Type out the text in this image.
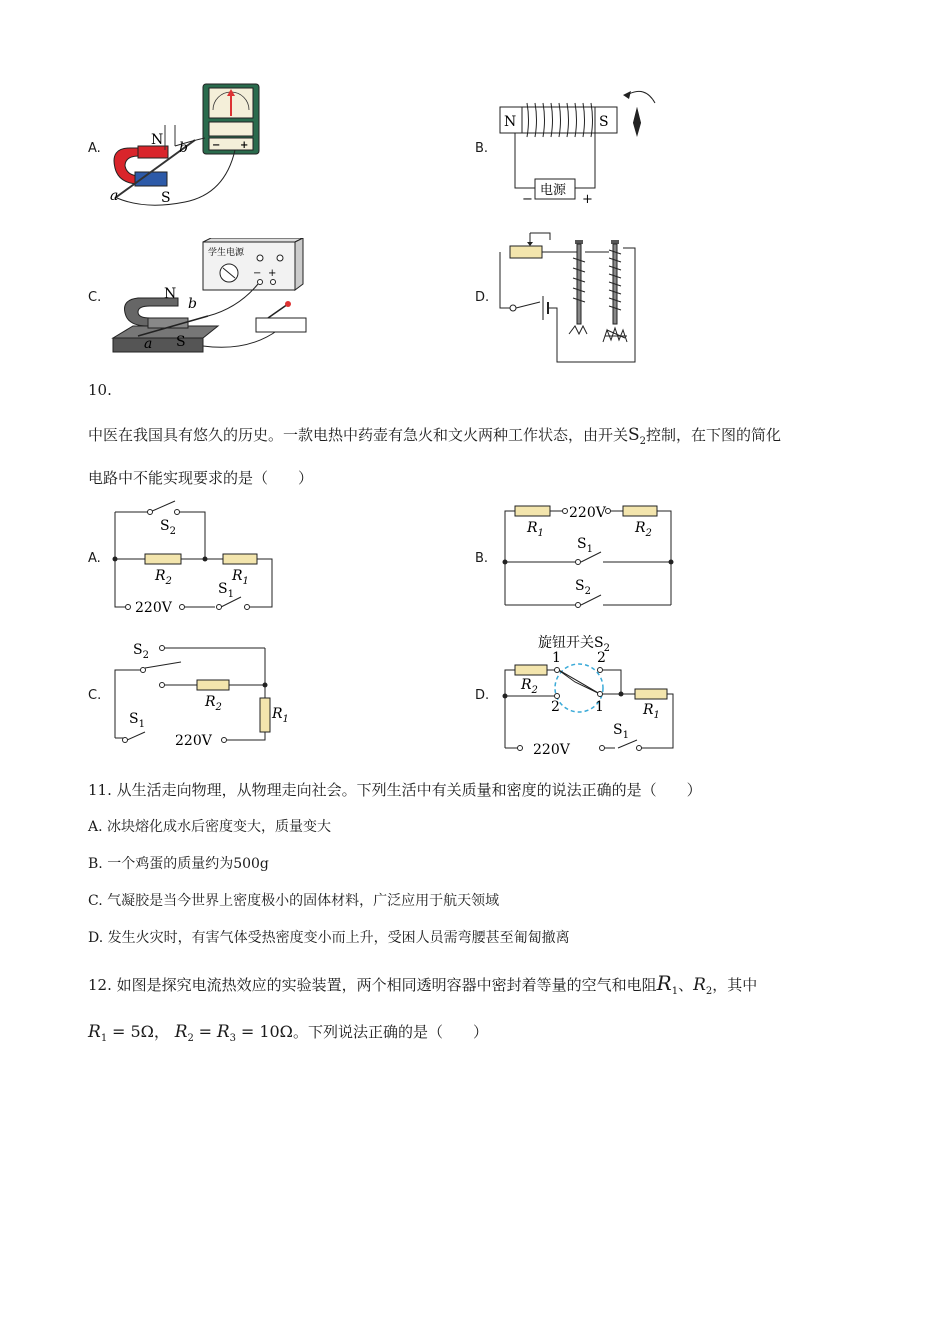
A.	B.
C.	D.
− +
N
S
a
b
N	S
电源
−	+
学生电源
− +
N
S
a
b
10.
中医在我国具有悠久的历史。一款电热中药壶有急火和文火两种工作状态，由开关$S_2$控制，在下图的简化
电路中不能实现要求的是（　　）
A.	B.
C.	D.
$S_2$
$R_2$	$R_1$
$S_1$
220V
220V
$R_1$	$R_2$
$S_1$
$S_2$
$S_2$
$R_2$	$R_1$
$S_1$
220V
旋钮开关$S_2$
1	2
2	1
$R_2$
$R_1$
$S_1$
220V
11. 从生活走向物理，从物理走向社会。下列生活中有关质量和密度的说法正确的是（　　）
A. 冰块熔化成水后密度变大，质量变大
B. 一个鸡蛋的质量约为500g
C. 气凝胶是当今世界上密度极小的固体材料，广泛应用于航天领域
D. 发生火灾时，有害气体受热密度变小而上升，受困人员需弯腰甚至匍匐撤离
12. 如图是探究电流热效应的实验装置，两个相同透明容器中密封着等量的空气和电阻$R_1$、$R_2$，其中
$R_1 = 5\Omega$， $R_2 = R_3 = 10\Omega$。下列说法正确的是（　　）
